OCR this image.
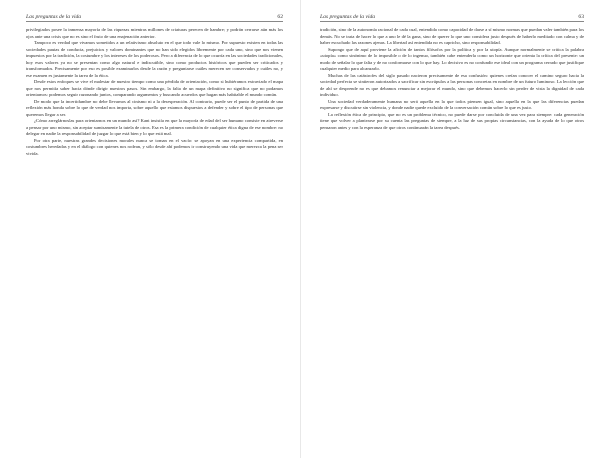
Las preguntas de la vida	62

privilegiados posee la inmensa mayoría de las riquezas mientras millones de criaturas perecen de hambre; y podrán cerrarse aún más los ojos ante una crisis que no es sino el fruto de una enajenación anterior.

Tampoco es verdad que vivamos sometidos a un relativismo absoluto en el que todo vale lo mismo. Por supuesto existen en todas las sociedades pautas de conducta, prejuicios y valores dominantes que no han sido elegidos libremente por cada uno, sino que nos vienen impuestos por la tradición, la costumbre y los intereses de los poderosos. Pero a diferencia de lo que ocurría en las sociedades tradicionales, hoy esos valores ya no se presentan como algo natural e indiscutible, sino como productos históricos que pueden ser criticados y transformados. Precisamente por eso es posible examinarlos desde la razón y preguntarse cuáles merecen ser conservados y cuáles no, y ese examen es justamente la tarea de la ética.

Desde estos enfoques se vive el malestar de nuestro tiempo como una pérdida de orientación, como si hubiéramos extraviado el mapa que nos permitía saber hacia dónde dirigir nuestros pasos. Sin embargo, la falta de un mapa definitivo no significa que no podamos orientarnos: podemos seguir razonando juntos, comparando argumentos y buscando acuerdos que hagan más habitable el mundo común.

De modo que la incertidumbre no debe llevarnos al cinismo ni a la desesperación. Al contrario, puede ser el punto de partida de una reflexión más honda sobre lo que de verdad nos importa, sobre aquello que estamos dispuestos a defender y sobre el tipo de personas que queremos llegar a ser.

¿Cómo arreglárnoslas para orientarnos en un mundo así? Kant insistía en que la mayoría de edad del ser humano consiste en atreverse a pensar por uno mismo, sin aceptar sumisamente la tutela de otros. Esa es la primera condición de cualquier ética digna de ese nombre: no delegar en nadie la responsabilidad de juzgar lo que está bien y lo que está mal.

Por otra parte, nuestras grandes decisiones morales nunca se toman en el vacío: se apoyan en una experiencia compartida, en costumbres heredadas y en el diálogo con quienes nos rodean, y sólo desde ahí podemos ir construyendo una vida que merezca la pena ser vivida.

Las preguntas de la vida	63

tradición, sino de la autonomía racional de cada cual, entendida como capacidad de darse a sí mismo normas que puedan valer también para los demás. No se trata de hacer lo que a uno le dé la gana, sino de querer lo que uno considera justo después de haberlo meditado con calma y de haber escuchado las razones ajenas. La libertad así entendida no es capricho, sino responsabilidad.

Supongo que de aquí proviene la afición de tantos filósofos por la política y por la utopía. Aunque normalmente se critica la palabra «utopía» como sinónimo de lo imposible o de lo ingenuo, también cabe entenderla como un horizonte que orienta la crítica del presente: un modo de señalar lo que falta y de no conformarse con lo que hay. Lo decisivo es no confundir ese ideal con un programa cerrado que justifique cualquier medio para alcanzarlo.

Muchas de las catástrofes del siglo pasado nacieron precisamente de esa confusión: quienes creían conocer el camino seguro hacia la sociedad perfecta se sintieron autorizados a sacrificar sin escrúpulos a las personas concretas en nombre de un futuro luminoso. La lección que de ahí se desprende no es que debamos renunciar a mejorar el mundo, sino que debemos hacerlo sin perder de vista la dignidad de cada individuo.

Una sociedad verdaderamente humana no será aquella en la que todos piensen igual, sino aquella en la que las diferencias puedan expresarse y discutirse sin violencia, y donde nadie quede excluido de la conversación común sobre lo que es justo.

La reflexión ética de principio, que no es un problema técnico, no puede darse por concluida de una vez para siempre: cada generación tiene que volver a plantearse por su cuenta las preguntas de siempre, a la luz de sus propias circunstancias, con la ayuda de lo que otros pensaron antes y con la esperanza de que otros continuarán la tarea después.
